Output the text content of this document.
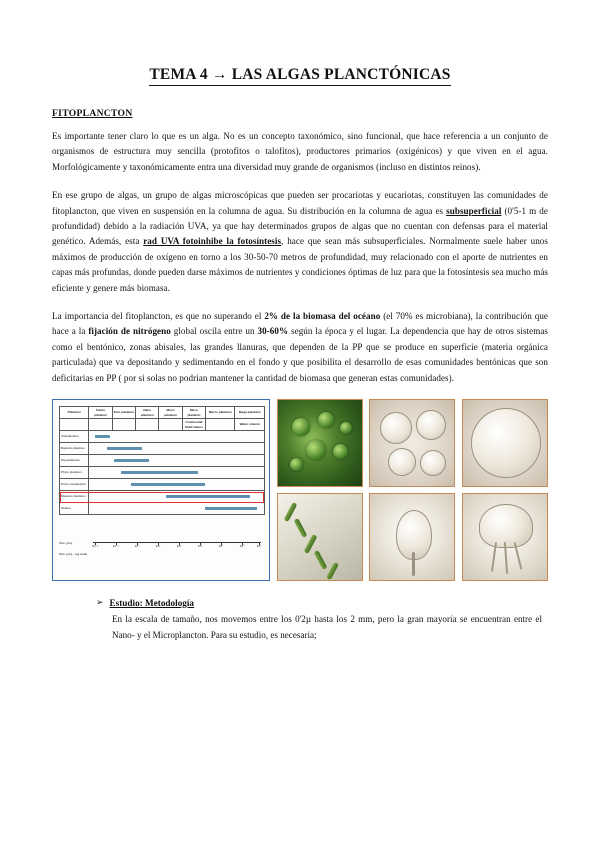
TEMA 4 → LAS ALGAS PLANCTÓNICAS
FITOPLANCTON

Es importante tener claro lo que es un alga. No es un concepto taxonómico, sino funcional, que hace referencia a un conjunto de organismos de estructura muy sencilla (protofitos o talofitos), productores primarios (oxigénicos) y que viven en el agua. Morfológicamente y taxonómicamente entra una diversidad muy grande de organismos (incluso en distintos reinos).

En ese grupo de algas, un grupo de algas microscópicas que pueden ser procariotas y eucariotas, constituyen las comunidades de fitoplancton, que viven en suspensión en la columna de agua. Su distribución en la columna de agua es subsuperficial (0'5-1 m de profundidad) debido a la radiación UVA, ya que hay determinados grupos de algas que no cuentan con defensas para el material genético. Además, esta rad UVA fotoinhibe la fotosíntesis, hace que sean más subsuperficiales. Normalmente suele haber unos máximos de producción de oxígeno en torno a los 30-50-70 metros de profundidad, muy relacionado con el aporte de nutrientes en capas más profundas, donde pueden darse máximos de nutrientes y condiciones óptimas de luz para que la fotosíntesis sea mucho más eficiente y genere más biomasa.

La importancia del fitoplancton, es que no superando el 2% de la biomasa del océano (el 70% es microbiana), la contribución que hace a la fijación de nitrógeno global oscila entre un 30-60% según la época y el lugar. La dependencia que hay de otros sistemas como el bentónico, zonas abisales, las grandes llanuras, que dependen de la PP que se produce en superficie (materia orgánica particulada) que va depositando y sedimentando en el fondo y que posibilita el desarrollo de esas comunidades bentónicas que son deficitarias en PP ( por si solas no podrían mantener la cantidad de biomasa que generan estas comunidades).

Plankton	Femto plankton	Pico plankton	Nano plankton	Micro plankton	Meso plankton	Macro plankton	Mega plankton
					Continental Shelf waters		Water column
Virioplankton							

Bacterio plankton							

Mycoplankton							

Phyto plankton							

Proto zooplankton							

Metazoo plankton							

Nekton							
10⁻²	10⁻¹	10⁰	10¹	10²	10³	10⁴	10⁵	10⁶
Size (µm)
Size (µm) - log scale
➢ Estudio: Metodología
En la escala de tamaño, nos movemos entre los 0'2µ hasta los 2 mm, pero la gran mayoría se encuentran entre el Nano- y el Microplancton. Para su estudio, es necesaria;
